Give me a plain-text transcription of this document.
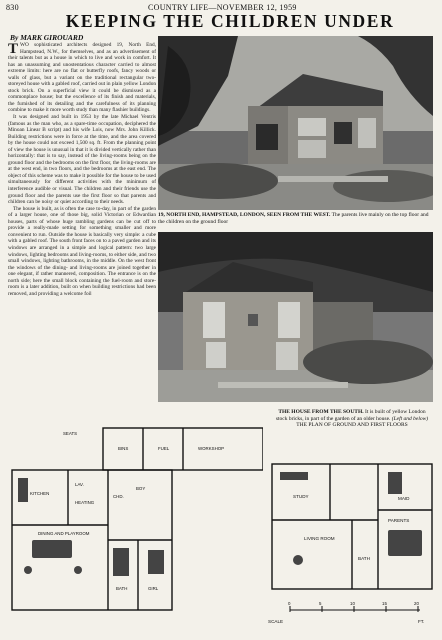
830	COUNTRY LIFE—NOVEMBER 12, 1959
KEEPING THE CHILDREN UNDER
By MARK GIROUARD

TWO sophisticated architects designed 19, North End, Hampstead, N.W., for themselves, and as an advertisement of their talents but as a house in which to live and work in comfort. It has an unassuming and unostentatious character carried to almost extreme limits: here are no flat or butterfly roofs, fancy woods or walls of glass, but a variant on the traditional rectangular two-storeyed house with a gabled roof, carried out in plain yellow London stock brick. On a superficial view it could be dismissed as a commonplace house; but the excellence of its finish and materials, the furnished of its detailing and the carefulness of its planning combine to make it more worth study than many flashier buildings.

It was designed and built in 1953 by the late Michael Ventris (famous as the man who, as a spare-time occupation, deciphered the Minoan Linear B script) and his wife Lois, now Mrs. John Killick. Building restrictions were in force at the time, and the area covered by the house could not exceed 1,500 sq. ft. From the planning point of view the house is unusual in that it is divided vertically rather than horizontally: that is to say, instead of the living-rooms being on the ground floor and the bedrooms on the first floor, the living-rooms are at the west end, in two floors, and the bedrooms at the east end. The object of this scheme was to make it possible for the house to be used simultaneously for different activities with the minimum of interference audible or visual. The children and their friends use the ground floor and the parents use the first floor so that parents and children can be noisy or quiet according to their needs.

The house is built, as is often the case to-day, in part of the garden of a larger house, one of those big, solid Victorian or Edwardian houses, parts of whose huge rambling gardens can be cut off to provide a really-made setting for something smaller and more convenient to run. Outside the house is basically very simple: a cube with a gabled roof. The south front faces on to a paved garden and its windows are arranged in a simple and logical pattern: two large windows, lighting bedrooms and living-rooms, to either side, and two small windows, lighting bathrooms, in the middle. On the west front the windows of the dining- and living-rooms are joined together in one elegant, if rather mannered, composition. The entrance is on the north side; here the small block containing the fuel-room and store-room is a later addition, built on when building restrictions had been removed, and providing a welcome foil

19, NORTH END, HAMPSTEAD, LONDON, SEEN FROM THE WEST. The parents live mainly on the top floor and the children on the ground floor
THE HOUSE FROM THE SOUTH. It is built of yellow London stock bricks, in part of the garden of an older house. (Left and below) THE PLAN OF GROUND AND FIRST FLOORS
SEATS
BINS	FUEL	WORKSHOP
KITCHEN
LAV.
HEATING
CHD.
BOY
DINING AND PLAYROOM
BATH	GIRL
STUDY	MAID
LIVING ROOM
BATH
PARENTS
SCALE
0	5	10	15	20
FT.
